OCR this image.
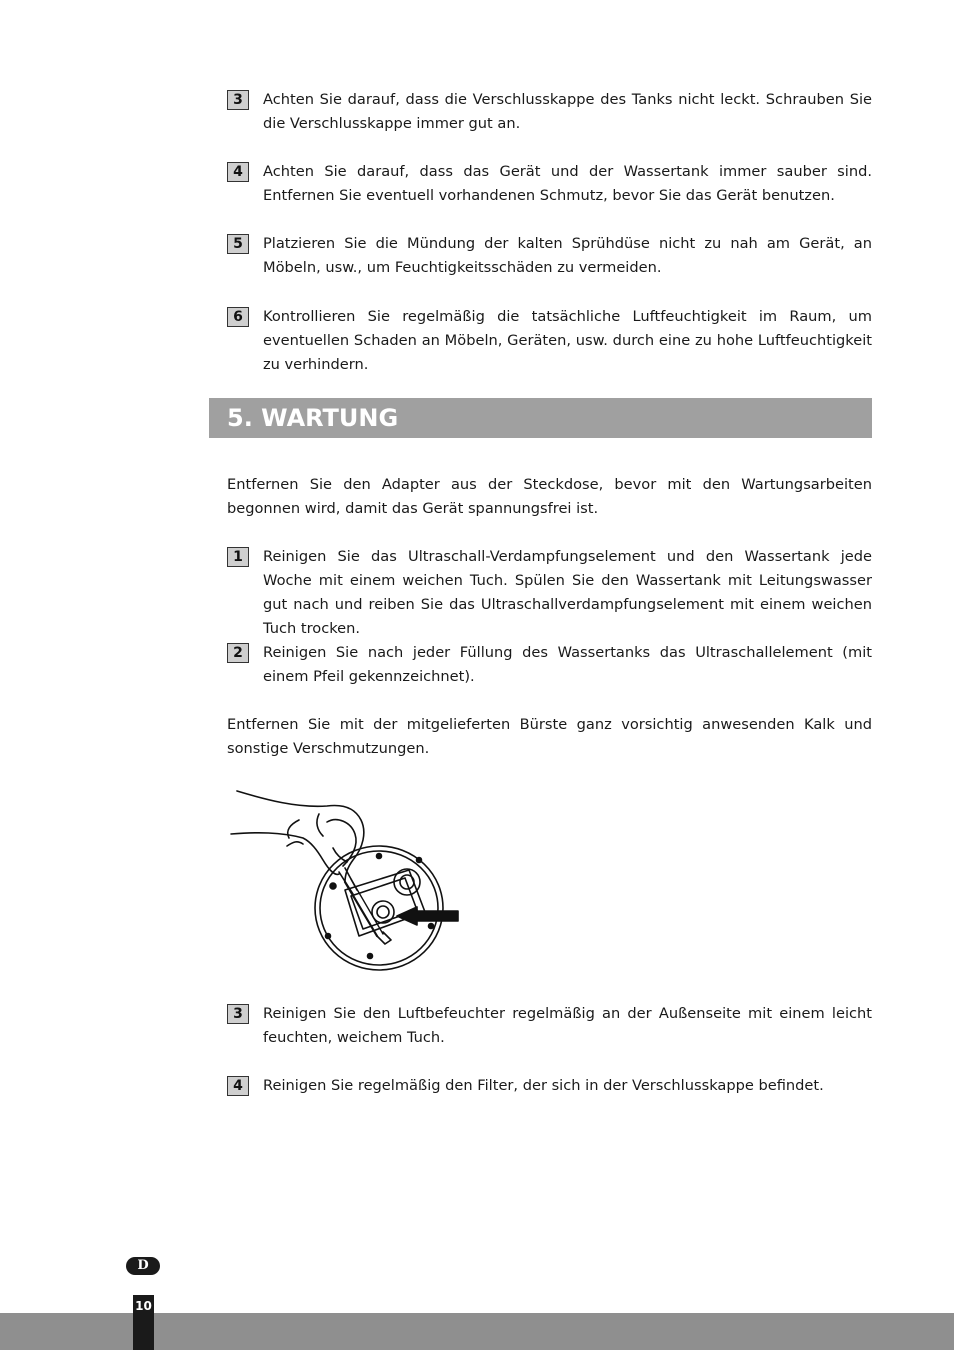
3	Achten Sie darauf, dass die Verschlusskappe des Tanks nicht leckt. Schrauben Sie die Verschlusskappe immer gut an.
4	Achten Sie darauf, dass das Gerät und der Wassertank immer sauber sind. Entfernen Sie eventuell vorhandenen Schmutz, bevor Sie das Gerät benutzen.
5	Platzieren Sie die Mündung der kalten Sprühdüse nicht zu nah am Gerät, an Möbeln, usw., um Feuchtigkeitsschäden zu vermeiden.
6	Kontrollieren Sie regelmäßig die tatsächliche Luftfeuchtigkeit im Raum, um eventuellen Schaden an Möbeln, Geräten, usw. durch eine zu hohe Luftfeuchtigkeit zu verhindern.
5. WARTUNG
Entfernen Sie den Adapter aus der Steckdose, bevor mit den Wartungsarbeiten begonnen wird, damit das Gerät spannungsfrei ist.
1	Reinigen Sie das Ultraschall-Verdampfungselement und den Wassertank jede Woche mit einem weichen Tuch. Spülen Sie den Wassertank mit Leitungswasser gut nach und reiben Sie das Ultraschallverdampfungselement mit einem weichen Tuch trocken.
2	Reinigen Sie nach jeder Füllung des Wassertanks das Ultraschallelement (mit einem Pfeil gekennzeichnet).
Entfernen Sie mit der mitgelieferten Bürste ganz vorsichtig anwesenden Kalk und sonstige Verschmutzungen.
3	Reinigen Sie den Luftbefeuchter regelmäßig an der Außenseite mit einem leicht feuchten, weichem Tuch.
4	Reinigen Sie regelmäßig den Filter, der sich in der Verschlusskappe befindet.
D
10
